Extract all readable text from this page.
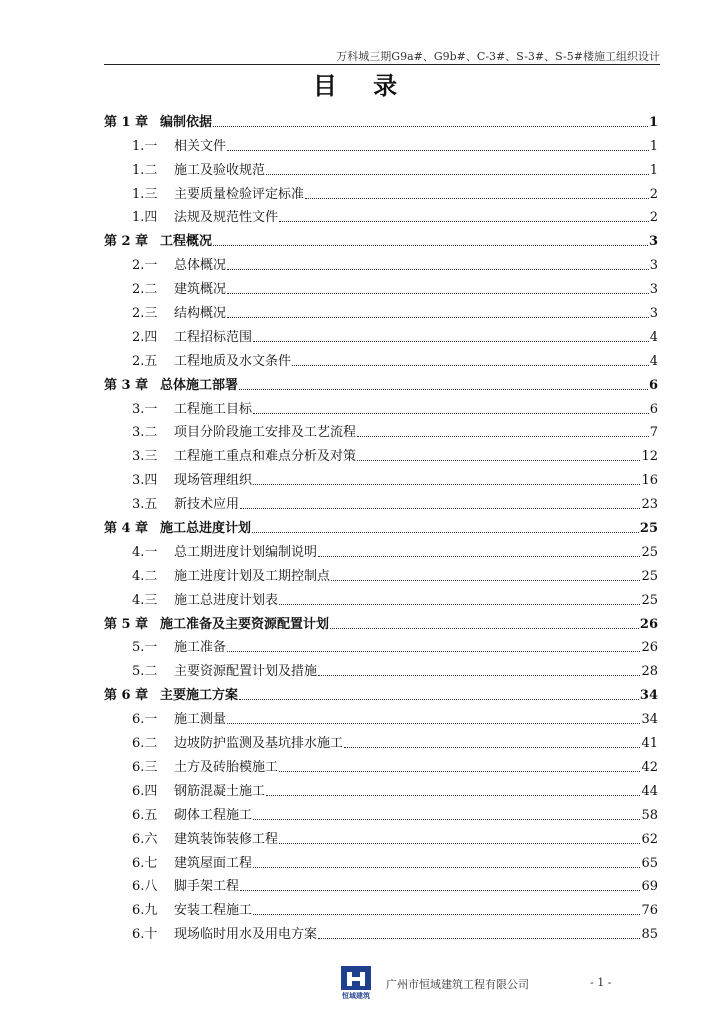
万科城三期G9a#、G9b#、C-3#、S-3#、S-5#楼施工组织设计
目 录
第 1 章 编制依据	1
1.一	相关文件	1
1.二	施工及验收规范	1
1.三	主要质量检验评定标准	2
1.四	法规及规范性文件	2
第 2 章 工程概况	3
2.一	总体概况	3
2.二	建筑概况	3
2.三	结构概况	3
2.四	工程招标范围	4
2.五	工程地质及水文条件	4
第 3 章 总体施工部署	6
3.一	工程施工目标	6
3.二	项目分阶段施工安排及工艺流程	7
3.三	工程施工重点和难点分析及对策	12
3.四	现场管理组织	16
3.五	新技术应用	23
第 4 章 施工总进度计划	25
4.一	总工期进度计划编制说明	25
4.二	施工进度计划及工期控制点	25
4.三	施工总进度计划表	25
第 5 章 施工准备及主要资源配置计划	26
5.一	施工准备	26
5.二	主要资源配置计划及措施	28
第 6 章 主要施工方案	34
6.一	施工测量	34
6.二	边坡防护监测及基坑排水施工	41
6.三	土方及砖胎模施工	42
6.四	钢筋混凝土施工	44
6.五	砌体工程施工	58
6.六	建筑装饰装修工程	62
6.七	建筑屋面工程	65
6.八	脚手架工程	69
6.九	安装工程施工	76
6.十	现场临时用水及用电方案	85
恒域建筑
广州市恒域建筑工程有限公司	- 1 -
